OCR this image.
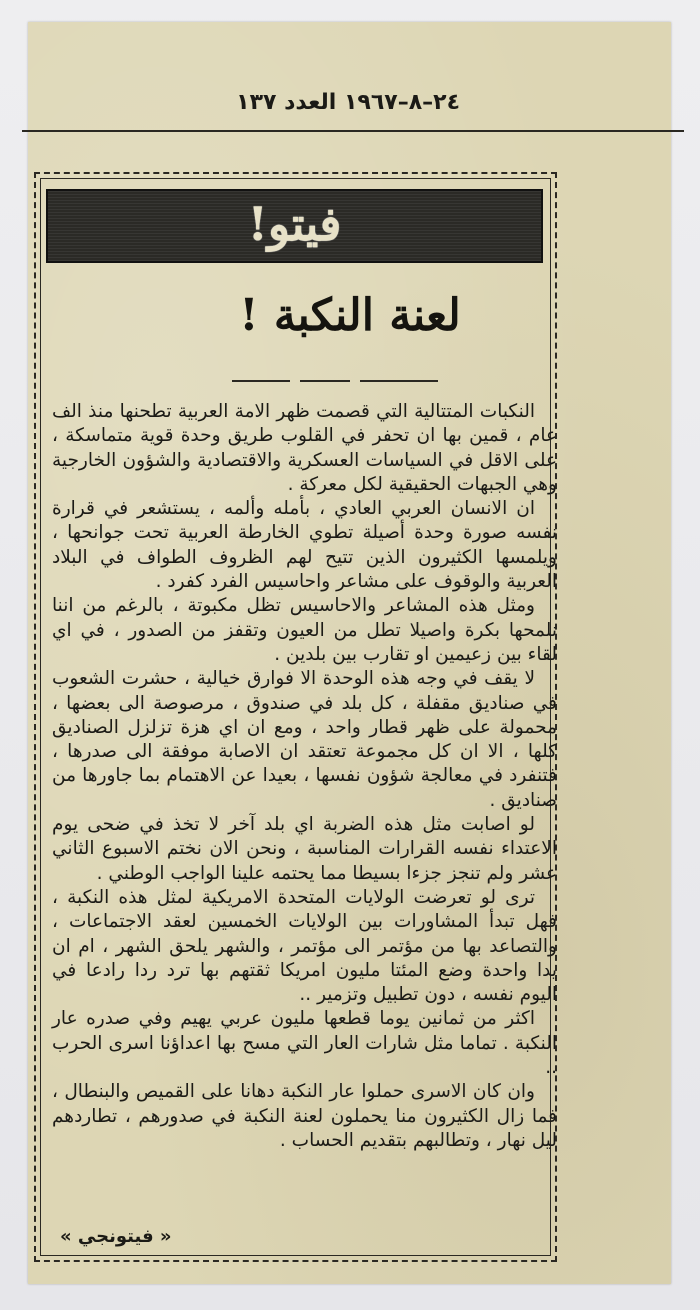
٢٤–٨–١٩٦٧ العدد ١٣٧
فيتو!
لعنة النكبة !

النكبات المتتالية التي قصمت ظهر الامة العربية تطحنها منذ الف عام ، قمين بها ان تحفر في القلوب طريق وحدة قوية متماسكة ، على الاقل في السياسات العسكرية والاقتصادية والشؤون الخارجية وهي الجبهات الحقيقية لكل معركة .

ان الانسان العربي العادي ، بأمله وألمه ، يستشعر في قرارة نفسه صورة وحدة أصيلة تطوي الخارطة العربية تحت جوانحها ، ويلمسها الكثيرون الذين تتيح لهم الظروف الطواف في البلاد العربية والوقوف على مشاعر واحاسيس الفرد كفرد .

ومثل هذه المشاعر والاحاسيس تظل مكبوتة ، بالرغم من اننا نلمحها بكرة واصيلا تطل من العيون وتقفز من الصدور ، في اي لقاء بين زعيمين او تقارب بين بلدين .

لا يقف في وجه هذه الوحدة الا فوارق خيالية ، حشرت الشعوب في صناديق مقفلة ، كل بلد في صندوق ، مرصوصة الى بعضها ، محمولة على ظهر قطار واحد ، ومع ان اي هزة تزلزل الصناديق كلها ، الا ان كل مجموعة تعتقد ان الاصابة موفقة الى صدرها ، فتنفرد في معالجة شؤون نفسها ، بعيدا عن الاهتمام بما جاورها من صناديق .

لو اصابت مثل هذه الضربة اي بلد آخر لا تخذ في ضحى يوم الاعتداء نفسه القرارات المناسبة ، ونحن الان نختم الاسبوع الثاني عشر ولم تنجز جزءا بسيطا مما يحتمه علينا الواجب الوطني .

ترى لو تعرضت الولايات المتحدة الامريكية لمثل هذه النكبة ، فهل تبدأ المشاورات بين الولايات الخمسين لعقد الاجتماعات ، والتصاعد بها من مؤتمر الى مؤتمر ، والشهر يلحق الشهر ، ام ان يدا واحدة وضع المئتا مليون امريكا ثقتهم بها ترد ردا رادعا في اليوم نفسه ، دون تطبيل وتزمير ..

اكثر من ثمانين يوما قطعها مليون عربي يهيم وفي صدره عار النكبة . تماما مثل شارات العار التي مسح بها اعداؤنا اسرى الحرب ..

وان كان الاسرى حملوا عار النكبة دهانا على القميص والبنطال ، فما زال الكثيرون منا يحملون لعنة النكبة في صدورهم ، تطاردهم ليل نهار ، وتطالبهم بتقديم الحساب .

« فيتونجي »
